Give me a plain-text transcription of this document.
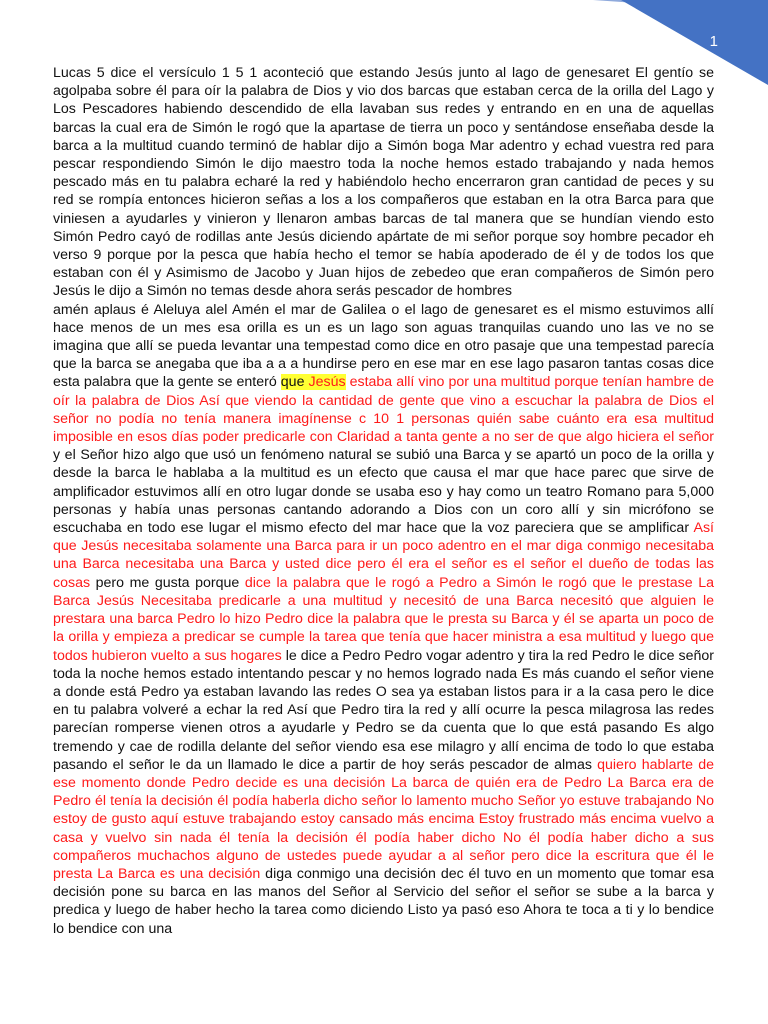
1

Lucas 5 dice el versículo 1 5 1 aconteció que estando Jesús junto al lago de genesaret El gentío se agolpaba sobre él para oír la palabra de Dios y vio dos barcas que estaban cerca de la orilla del Lago y Los Pescadores habiendo descendido de ella lavaban sus redes y entrando en en una de aquellas barcas la cual era de Simón le rogó que la apartase de tierra un poco y sentándose enseñaba desde la barca a la multitud cuando terminó de hablar dijo a Simón boga Mar adentro y echad vuestra red para pescar respondiendo Simón le dijo maestro toda la noche hemos estado trabajando y nada hemos pescado más en tu palabra echaré la red y habiéndolo hecho encerraron gran cantidad de peces y su red se rompía entonces hicieron señas a los a los compañeros que estaban en la otra Barca para que viniesen a ayudarles y vinieron y llenaron ambas barcas de tal manera que se hundían viendo esto Simón Pedro cayó de rodillas ante Jesús diciendo apártate de mi señor porque soy hombre pecador eh verso 9 porque por la pesca que había hecho el temor se había apoderado de él y de todos los que estaban con él y Asimismo de Jacobo y Juan hijos de zebedeo que eran compañeros de Simón pero Jesús le dijo a Simón no temas desde ahora serás pescador de hombres

amén aplaus é Aleluya alel Amén el mar de Galilea o el lago de genesaret es el mismo estuvimos allí hace menos de un mes esa orilla es un es un lago son aguas tranquilas cuando uno las ve no se imagina que allí se pueda levantar una tempestad como dice en otro pasaje que una tempestad parecía que la barca se anegaba que iba a a a hundirse pero en ese mar en ese lago pasaron tantas cosas dice esta palabra que la gente se enteró que Jesús estaba allí vino por una multitud porque tenían hambre de oír la palabra de Dios Así que viendo la cantidad de gente que vino a escuchar la palabra de Dios el señor no podía no tenía manera imagínense c 10 1 personas quién sabe cuánto era esa multitud imposible en esos días poder predicarle con Claridad a tanta gente a no ser de que algo hiciera el señor y el Señor hizo algo que usó un fenómeno natural se subió una Barca y se apartó un poco de la orilla y desde la barca le hablaba a la multitud es un efecto que causa el mar que hace parec que sirve de amplificador estuvimos allí en otro lugar donde se usaba eso y hay como un teatro Romano para 5,000 personas y había unas personas cantando adorando a Dios con un coro allí y sin micrófono se escuchaba en todo ese lugar el mismo efecto del mar hace que la voz pareciera que se amplificar Así que Jesús necesitaba solamente una Barca para ir un poco adentro en el mar diga conmigo necesitaba una Barca necesitaba una Barca y usted dice pero él era el señor es el señor el dueño de todas las cosas pero me gusta porque dice la palabra que le rogó a Pedro a Simón le rogó que le prestase La Barca Jesús Necesitaba predicarle a una multitud y necesitó de una Barca necesitó que alguien le prestara una barca Pedro lo hizo Pedro dice la palabra que le presta su Barca y él se aparta un poco de la orilla y empieza a predicar se cumple la tarea que tenía que hacer ministra a esa multitud y luego que todos hubieron vuelto a sus hogares le dice a Pedro Pedro vogar adentro y tira la red Pedro le dice señor toda la noche hemos estado intentando pescar y no hemos logrado nada Es más cuando el señor viene a donde está Pedro ya estaban lavando las redes O sea ya estaban listos para ir a la casa pero le dice en tu palabra volveré a echar la red Así que Pedro tira la red y allí ocurre la pesca milagrosa las redes parecían romperse vienen otros a ayudarle y Pedro se da cuenta que lo que está pasando Es algo tremendo y cae de rodilla delante del señor viendo esa ese milagro y allí encima de todo lo que estaba pasando el señor le da un llamado le dice a partir de hoy serás pescador de almas quiero hablarte de ese momento donde Pedro decide es una decisión La barca de quién era de Pedro La Barca era de Pedro él tenía la decisión él podía haberla dicho señor lo lamento mucho Señor yo estuve trabajando No estoy de gusto aquí estuve trabajando estoy cansado más encima Estoy frustrado más encima vuelvo a casa y vuelvo sin nada él tenía la decisión él podía haber dicho No él podía haber dicho a sus compañeros muchachos alguno de ustedes puede ayudar a al señor pero dice la escritura que él le presta La Barca es una decisión diga conmigo una decisión dec él tuvo en un momento que tomar esa decisión pone su barca en las manos del Señor al Servicio del señor el señor se sube a la barca y predica y luego de haber hecho la tarea como diciendo Listo ya pasó eso Ahora te toca a ti y lo bendice lo bendice con una
